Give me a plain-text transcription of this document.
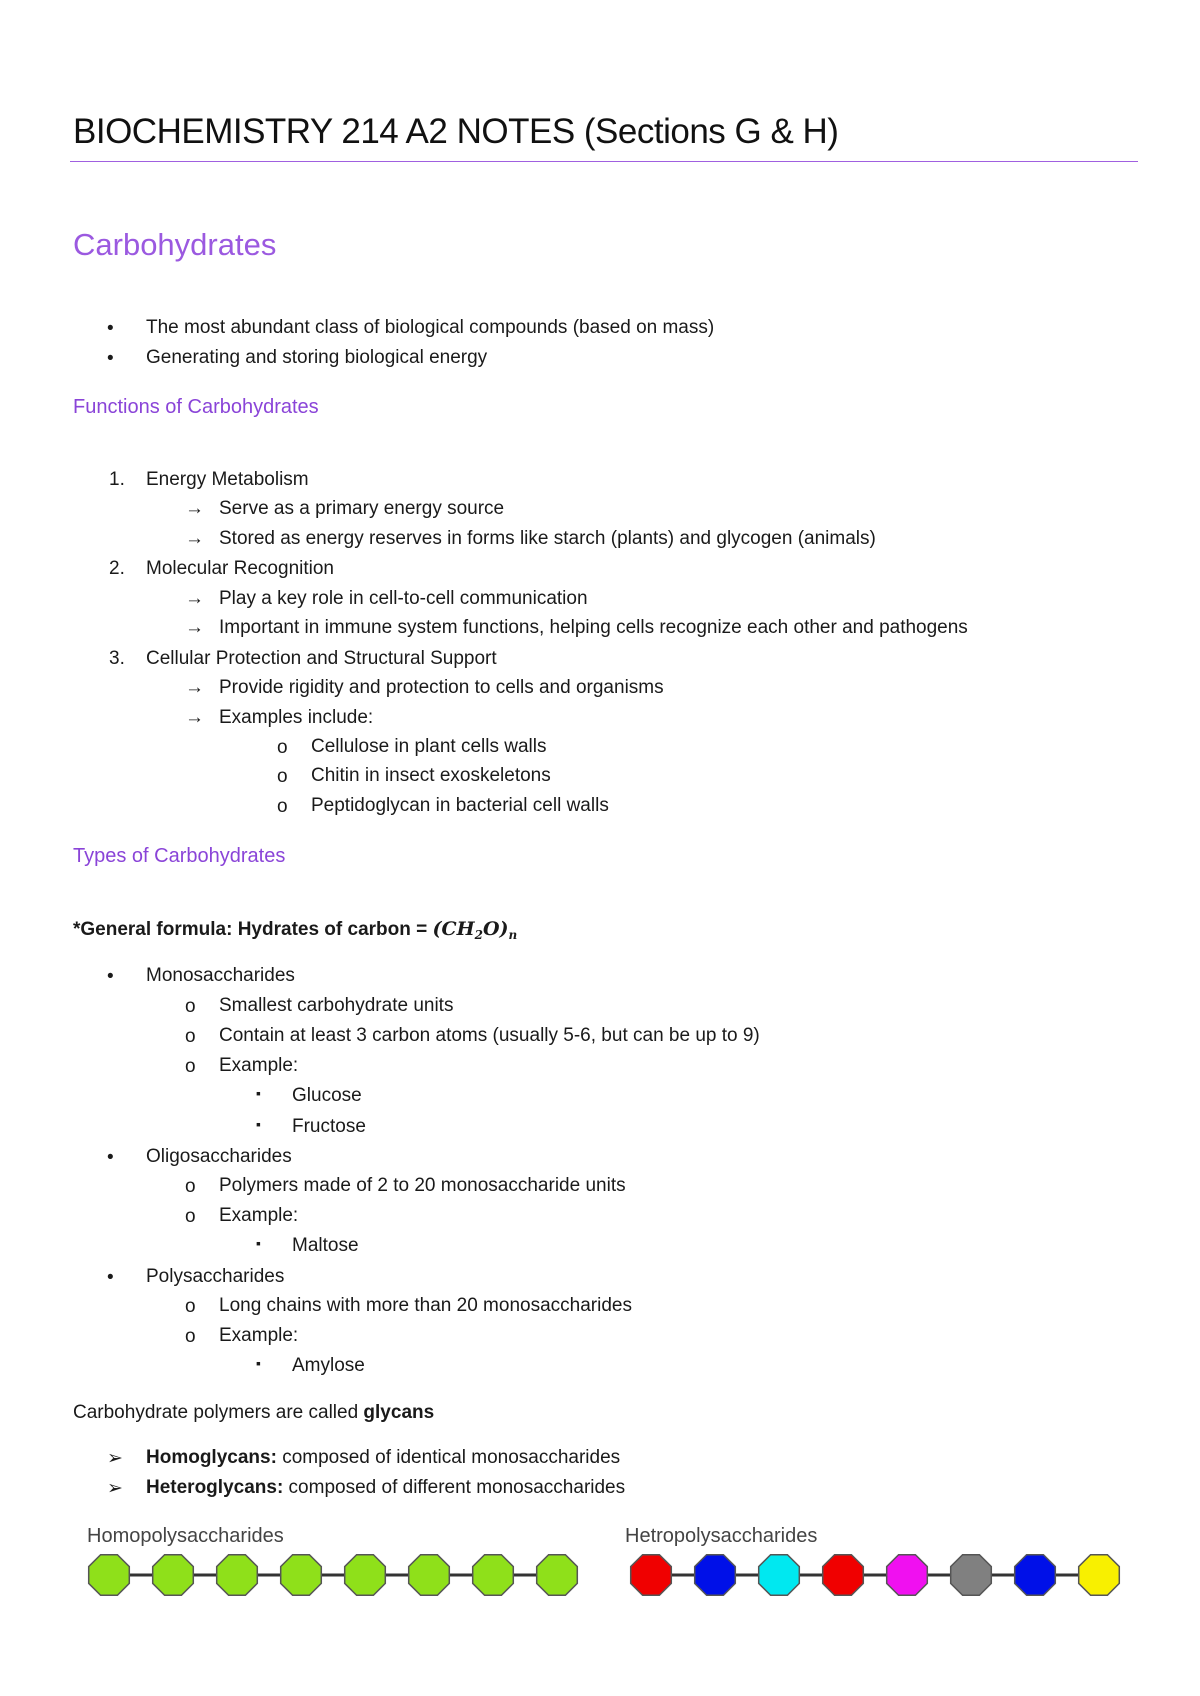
BIOCHEMISTRY 214 A2 NOTES (Sections G & H)
Carbohydrates
• The most abundant class of biological compounds (based on mass)
• Generating and storing biological energy
Functions of Carbohydrates
1. Energy Metabolism
→ Serve as a primary energy source
→ Stored as energy reserves in forms like starch (plants) and glycogen (animals)
2. Molecular Recognition
→ Play a key role in cell-to-cell communication
→ Important in immune system functions, helping cells recognize each other and pathogens
3. Cellular Protection and Structural Support
→ Provide rigidity and protection to cells and organisms
→ Examples include:
o Cellulose in plant cells walls
o Chitin in insect exoskeletons
o Peptidoglycan in bacterial cell walls
Types of Carbohydrates
*General formula: Hydrates of carbon = $(CH_2O)_n$
• Monosaccharides
o Smallest carbohydrate units
o Contain at least 3 carbon atoms (usually 5-6, but can be up to 9)
o Example:
▪ Glucose
▪ Fructose
• Oligosaccharides
o Polymers made of 2 to 20 monosaccharide units
o Example:
▪ Maltose
• Polysaccharides
o Long chains with more than 20 monosaccharides
o Example:
▪ Amylose
Carbohydrate polymers are called glycans
➢ Homoglycans: composed of identical monosaccharides
➢ Heteroglycans: composed of different monosaccharides
Homopolysaccharides	Hetropolysaccharides
